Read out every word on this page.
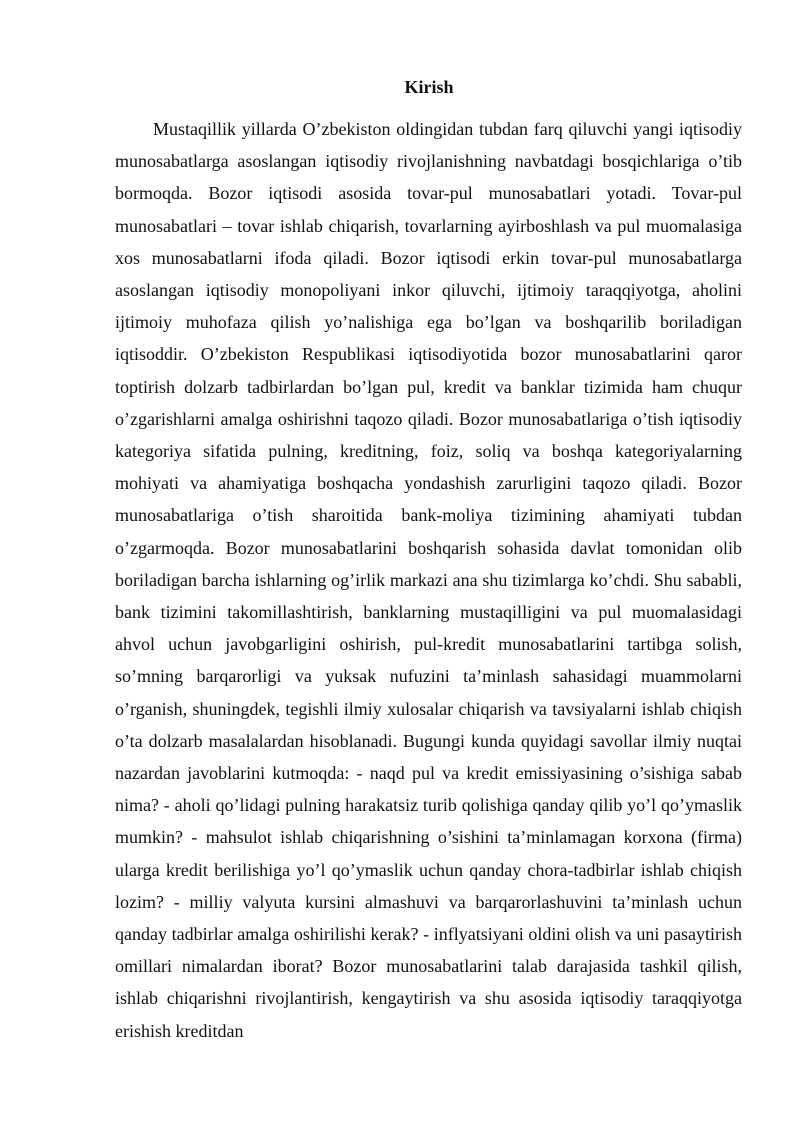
Kirish

Mustaqillik yillarda O’zbekiston oldingidan tubdan farq qiluvchi yangi iqtisodiy munosabatlarga asoslangan iqtisodiy rivojlanishning navbatdagi bosqichlariga o’tib bormoqda. Bozor iqtisodi asosida tovar-pul munosabatlari yotadi. Tovar-pul munosabatlari – tovar ishlab chiqarish, tovarlarning ayirboshlash va pul muomalasiga xos munosabatlarni ifoda qiladi. Bozor iqtisodi erkin tovar-pul munosabatlarga asoslangan iqtisodiy monopoliyani inkor qiluvchi, ijtimoiy taraqqiyotga, aholini ijtimoiy muhofaza qilish yo’nalishiga ega bo’lgan va boshqarilib boriladigan iqtisoddir. O’zbekiston Respublikasi iqtisodiyotida bozor munosabatlarini qaror toptirish dolzarb tadbirlardan bo’lgan pul, kredit va banklar tizimida ham chuqur o’zgarishlarni amalga oshirishni taqozo qiladi. Bozor munosabatlariga o’tish iqtisodiy kategoriya sifatida pulning, kreditning, foiz, soliq va boshqa kategoriyalarning mohiyati va ahamiyatiga boshqacha yondashish zarurligini taqozo qiladi. Bozor munosabatlariga o’tish sharoitida bank-moliya tizimining ahamiyati tubdan o’zgarmoqda. Bozor munosabatlarini boshqarish sohasida davlat tomonidan olib boriladigan barcha ishlarning og’irlik markazi ana shu tizimlarga ko’chdi. Shu sababli, bank tizimini takomillashtirish, banklarning mustaqilligini va pul muomalasidagi ahvol uchun javobgarligini oshirish, pul-kredit munosabatlarini tartibga solish, so’mning barqarorligi va yuksak nufuzini ta’minlash sahasidagi muammolarni o’rganish, shuningdek, tegishli ilmiy xulosalar chiqarish va tavsiyalarni ishlab chiqish o’ta dolzarb masalalardan hisoblanadi. Bugungi kunda quyidagi savollar ilmiy nuqtai nazardan javoblarini kutmoqda: - naqd pul va kredit emissiyasining o’sishiga sabab nima? - aholi qo’lidagi pulning harakatsiz turib qolishiga qanday qilib yo’l qo’ymaslik mumkin? - mahsulot ishlab chiqarishning o’sishini ta’minlamagan korxona (firma) ularga kredit berilishiga yo’l qo’ymaslik uchun qanday chora-tadbirlar ishlab chiqish lozim? - milliy valyuta kursini almashuvi va barqarorlashuvini ta’minlash uchun qanday tadbirlar amalga oshirilishi kerak? - inflyatsiyani oldini olish va uni pasaytirish omillari nimalardan iborat? Bozor munosabatlarini talab darajasida tashkil qilish, ishlab chiqarishni rivojlantirish, kengaytirish va shu asosida iqtisodiy taraqqiyotga erishish kreditdan
